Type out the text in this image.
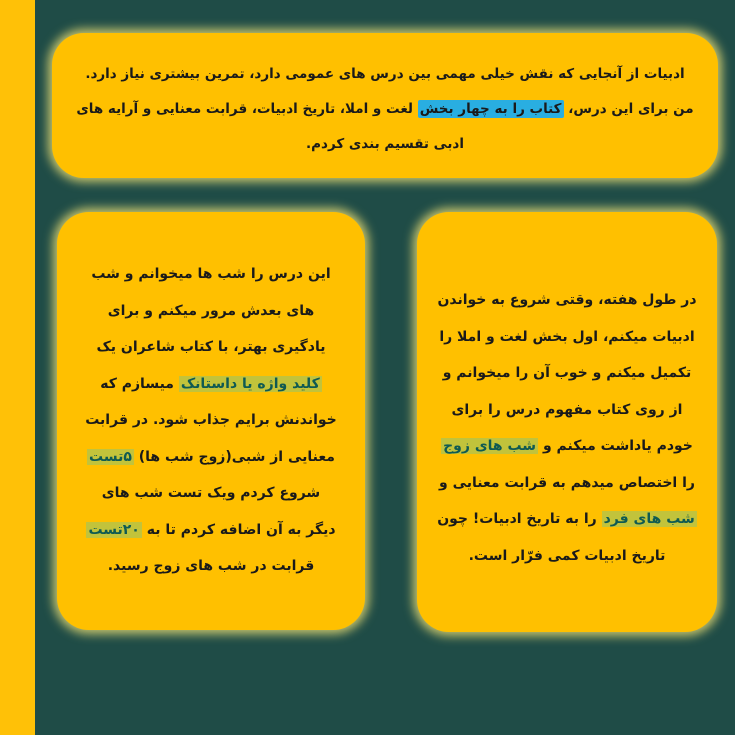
ادبیات از آنجایی که نقش خیلی مهمی بین درس های عمومی دارد، تمرین بیشتری نیاز دارد.
من برای این درس، کتاب را به چهار بخش لغت و املا، تاریخ ادبیات، قرابت معنایی و آرایه های
ادبی تقسیم بندی کردم.
این درس را شب ها میخوانم و شب
های بعدش مرور میکنم و برای
یادگیری بهتر، با کتاب شاعران یک
کلید واژه یا داستانک میسازم که
خواندنش برایم جذاب شود. در قرابت
معنایی از شبی(زوج شب ها) ۵تست
شروع کردم ویک تست شب های
دیگر به آن اضافه کردم تا به ۲۰تست
قرابت در شب های زوج رسید.
در طول هفته، وقتی شروع به خواندن
ادبیات میکنم، اول بخش لغت و املا را
تکمیل میکنم و خوب آن را میخوانم و
از روی کتاب مفهوم درس را برای
خودم یاداشت میکنم و شب های زوج
را اختصاص میدهم به قرابت معنایی و
شب های فرد را به تاریخ ادبیات! چون
تاریخ ادبیات کمی فرّار است.
